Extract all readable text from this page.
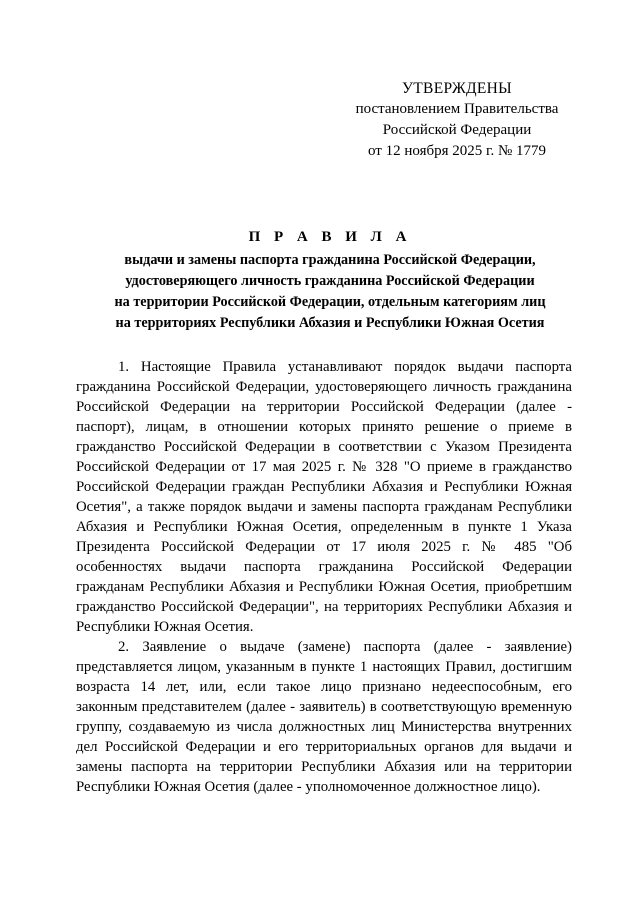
УТВЕРЖДЕНЫ
постановлением Правительства
Российской Федерации
от 12 ноября 2025 г. № 1779
П Р А В И Л А
выдачи и замены паспорта гражданина Российской Федерации,
удостоверяющего личность гражданина Российской Федерации
на территории Российской Федерации, отдельным категориям лиц
на территориях Республики Абхазия и Республики Южная Осетия

1. Настоящие Правила устанавливают порядок выдачи паспорта гражданина Российской Федерации, удостоверяющего личность гражданина Российской Федерации на территории Российской Федерации (далее - паспорт), лицам, в отношении которых принято решение о приеме в гражданство Российской Федерации в соответствии с Указом Президента Российской Федерации от 17 мая 2025 г. № 328 "О приеме в гражданство Российской Федерации граждан Республики Абхазия и Республики Южная Осетия", а также порядок выдачи и замены паспорта гражданам Республики Абхазия и Республики Южная Осетия, определенным в пункте 1 Указа Президента Российской Федерации от 17 июля 2025 г. № 485 "Об особенностях выдачи паспорта гражданина Российской Федерации гражданам Республики Абхазия и Республики Южная Осетия, приобретшим гражданство Российской Федерации", на территориях Республики Абхазия и Республики Южная Осетия.

2. Заявление о выдаче (замене) паспорта (далее - заявление) представляется лицом, указанным в пункте 1 настоящих Правил, достигшим возраста 14 лет, или, если такое лицо признано недееспособным, его законным представителем (далее - заявитель) в соответствующую временную группу, создаваемую из числа должностных лиц Министерства внутренних дел Российской Федерации и его территориальных органов для выдачи и замены паспорта на территории Республики Абхазия или на территории Республики Южная Осетия (далее - уполномоченное должностное лицо).
